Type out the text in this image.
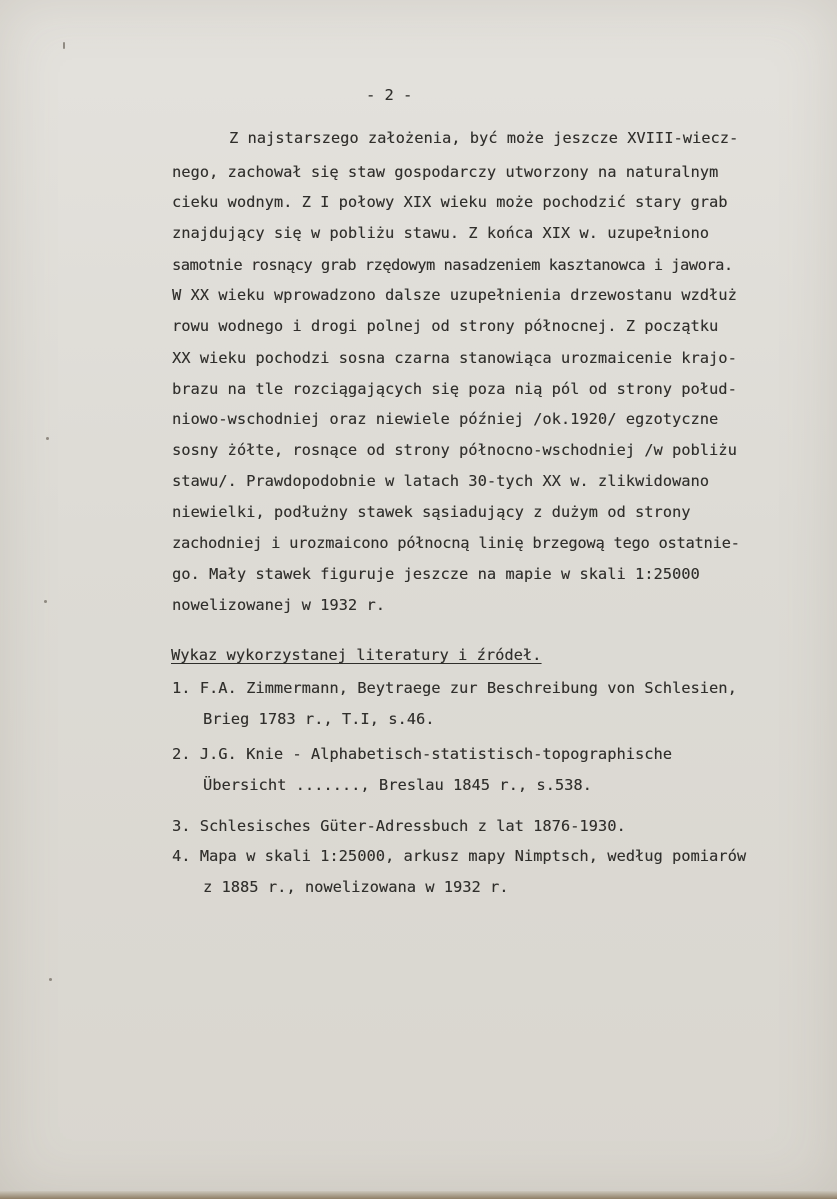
- 2 -
Z najstarszego założenia, być może jeszcze XVIII-wiecz-
nego, zachował się staw gospodarczy utworzony na naturalnym
cieku wodnym. Z I połowy XIX wieku może pochodzić stary grab
znajdujący się w pobliżu stawu. Z końca XIX w. uzupełniono
samotnie rosnący grab rzędowym nasadzeniem kasztanowca i jawora.
W XX wieku wprowadzono dalsze uzupełnienia drzewostanu wzdłuż
rowu wodnego i drogi polnej od strony północnej. Z początku
XX wieku pochodzi sosna czarna stanowiąca urozmaicenie krajo-
brazu na tle rozciągających się poza nią pól od strony połud-
niowo-wschodniej oraz niewiele później /ok.1920/ egzotyczne
sosny żółte, rosnące od strony północno-wschodniej /w pobliżu
stawu/. Prawdopodobnie w latach 30-tych XX w. zlikwidowano
niewielki, podłużny stawek sąsiadujący z dużym od strony
zachodniej i urozmaicono północną linię brzegową tego ostatnie-
go. Mały stawek figuruje jeszcze na mapie w skali 1:25000
nowelizowanej w 1932 r.
Wykaz wykorzystanej literatury i źródeł.
1. F.A. Zimmermann, Beytraege zur Beschreibung von Schlesien,
Brieg 1783 r., T.I, s.46.
2. J.G. Knie - Alphabetisch-statistisch-topographische
Übersicht ......., Breslau 1845 r., s.538.
3. Schlesisches Güter-Adressbuch z lat 1876-1930.
4. Mapa w skali 1:25000, arkusz mapy Nimptsch, według pomiarów
z 1885 r., nowelizowana w 1932 r.
